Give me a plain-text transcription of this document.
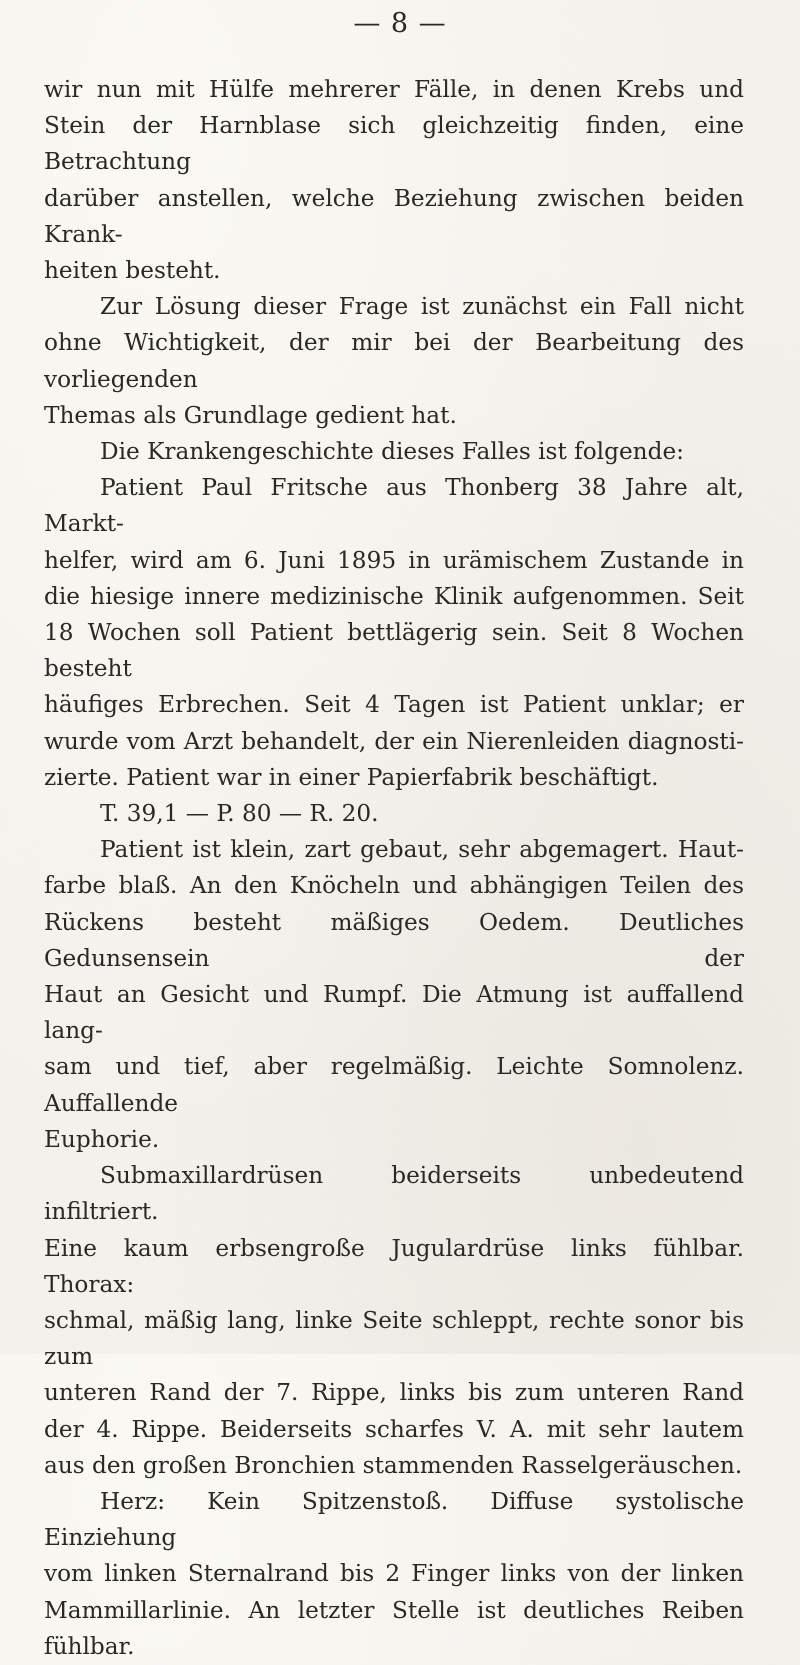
— 8 —

wir nun mit Hülfe mehrerer Fälle, in denen Krebs und
Stein der Harnblase sich gleichzeitig finden, eine Betrachtung
darüber anstellen, welche Beziehung zwischen beiden Krank-
heiten besteht.

Zur Lösung dieser Frage ist zunächst ein Fall nicht
ohne Wichtigkeit, der mir bei der Bearbeitung des vorliegenden
Themas als Grundlage gedient hat.

Die Krankengeschichte dieses Falles ist folgende:

Patient Paul Fritsche aus Thonberg 38 Jahre alt, Markt-
helfer, wird am 6. Juni 1895 in urämischem Zustande in
die hiesige innere medizinische Klinik aufgenommen. Seit
18 Wochen soll Patient bettlägerig sein. Seit 8 Wochen besteht
häufiges Erbrechen. Seit 4 Tagen ist Patient unklar; er
wurde vom Arzt behandelt, der ein Nierenleiden diagnosti-
zierte. Patient war in einer Papierfabrik beschäftigt.

T. 39,1 — P. 80 — R. 20.

Patient ist klein, zart gebaut, sehr abgemagert. Haut-
farbe blaß. An den Knöcheln und abhängigen Teilen des
Rückens besteht mäßiges Oedem. Deutliches Gedunsensein der
Haut an Gesicht und Rumpf. Die Atmung ist auffallend lang-
sam und tief, aber regelmäßig. Leichte Somnolenz. Auffallende
Euphorie.

Submaxillardrüsen beiderseits unbedeutend infiltriert.
Eine kaum erbsengroße Jugulardrüse links fühlbar. Thorax:
schmal, mäßig lang, linke Seite schleppt, rechte sonor bis zum
unteren Rand der 7. Rippe, links bis zum unteren Rand
der 4. Rippe. Beiderseits scharfes V. A. mit sehr lautem
aus den großen Bronchien stammenden Rasselgeräuschen.

Herz: Kein Spitzenstoß. Diffuse systolische Einziehung
vom linken Sternalrand bis 2 Finger links von der linken
Mammillarlinie. An letzter Stelle ist deutliches Reiben
fühlbar.
